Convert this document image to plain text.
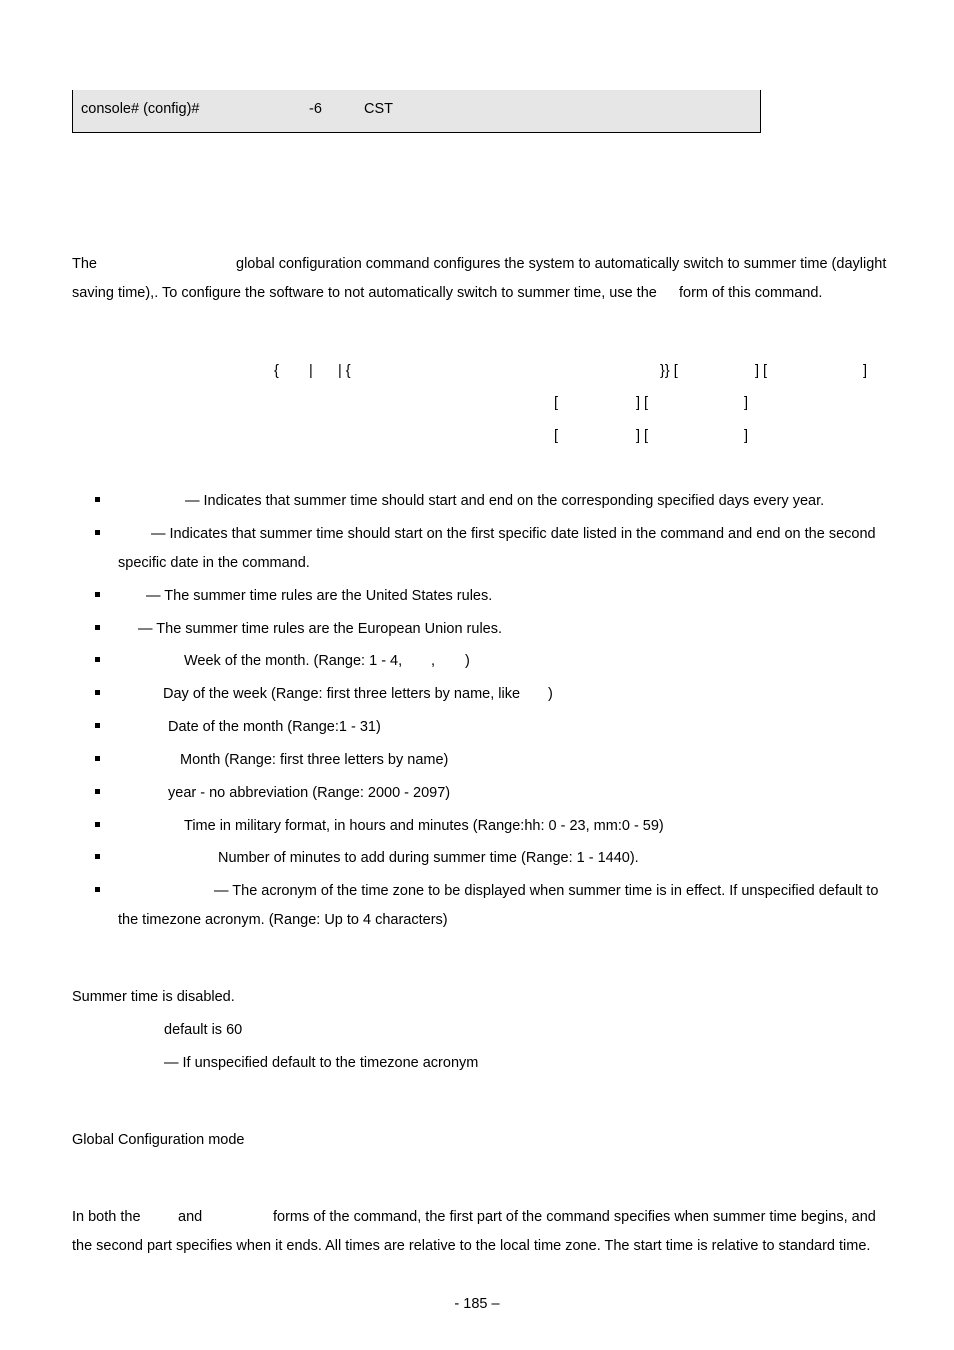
console# (config)#	-6	CST
The	global configuration command configures the system to automatically switch to summer time (daylight
saving time),. To configure the software to not automatically switch to summer time, use the form of this command.
{ | | {	}} [	] [	]
[	] [	]
[	] [	]
— Indicates that summer time should start and end on the corresponding specified days every year.
— Indicates that summer time should start on the first specific date listed in the command and end on the second
specific date in the command.
— The summer time rules are the United States rules.
— The summer time rules are the European Union rules.
Week of the month. (Range: 1 - 4, , )
Day of the week (Range: first three letters by name, like )
Date of the month (Range:1 - 31)
Month (Range: first three letters by name)
year - no abbreviation (Range: 2000 - 2097)
Time in military format, in hours and minutes (Range:hh: 0 - 23, mm:0 - 59)
Number of minutes to add during summer time (Range: 1 - 1440).
— The acronym of the time zone to be displayed when summer time is in effect. If unspecified default to
the timezone acronym. (Range: Up to 4 characters)
Summer time is disabled.
default is 60
— If unspecified default to the timezone acronym
Global Configuration mode
In both the	and	forms of the command, the first part of the command specifies when summer time begins, and
the second part specifies when it ends. All times are relative to the local time zone. The start time is relative to standard time.
- 185 –
